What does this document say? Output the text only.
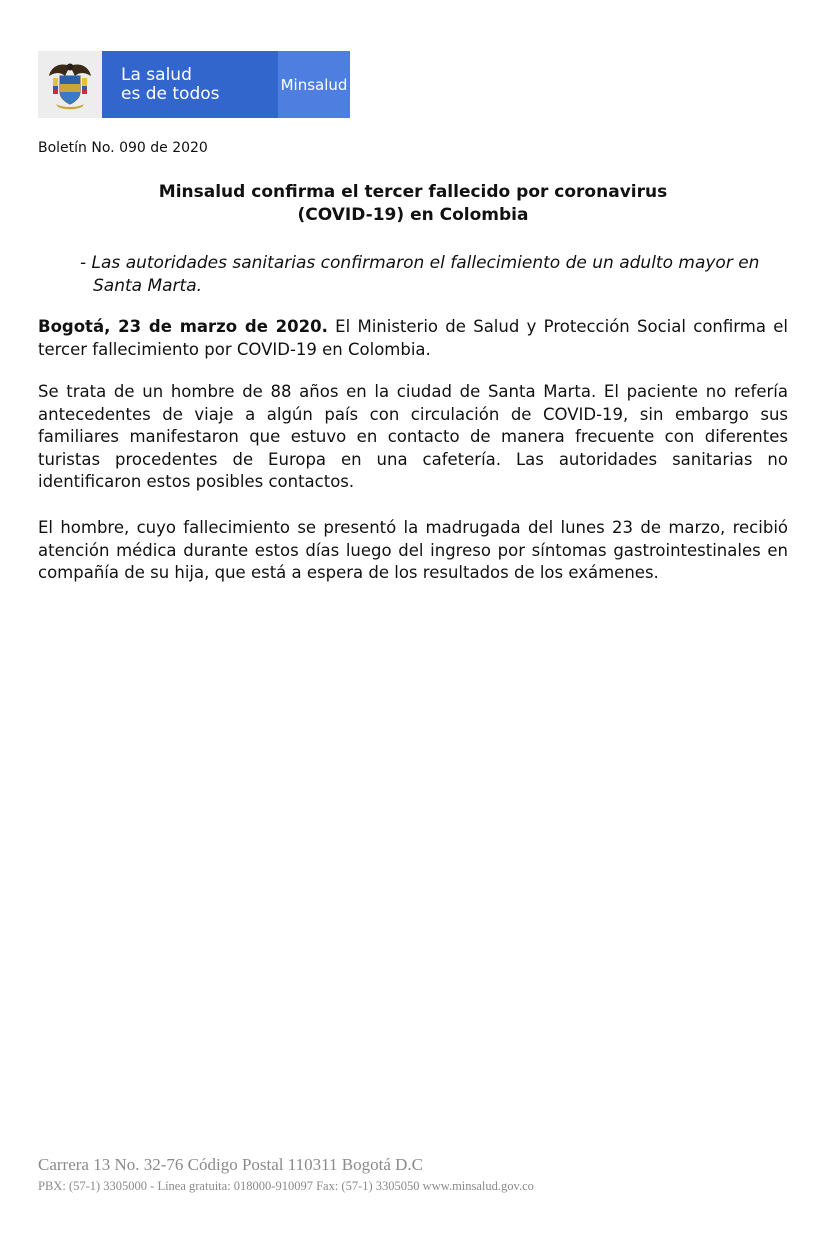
La salud
es de todos	Minsalud
Boletín No. 090 de 2020
Minsalud confirma el tercer fallecido por coronavirus
(COVID-19) en Colombia
- Las autoridades sanitarias confirmaron el fallecimiento de un adulto mayor en Santa Marta.
Bogotá, 23 de marzo de 2020. El Ministerio de Salud y Protección Social confirma el tercer fallecimiento por COVID-19 en Colombia.
Se trata de un hombre de 88 años en la ciudad de Santa Marta. El paciente no refería antecedentes de viaje a algún país con circulación de COVID-19, sin embargo sus familiares manifestaron que estuvo en contacto de manera frecuente con diferentes turistas procedentes de Europa en una cafetería. Las autoridades sanitarias no identificaron estos posibles contactos.
El hombre, cuyo fallecimiento se presentó la madrugada del lunes 23 de marzo, recibió atención médica durante estos días luego del ingreso por síntomas gastrointestinales en compañía de su hija, que está a espera de los resultados de los exámenes.
Carrera 13 No. 32-76 Código Postal 110311 Bogotá D.C
PBX: (57-1) 3305000 - Línea gratuita: 018000-910097 Fax: (57-1) 3305050 www.minsalud.gov.co
